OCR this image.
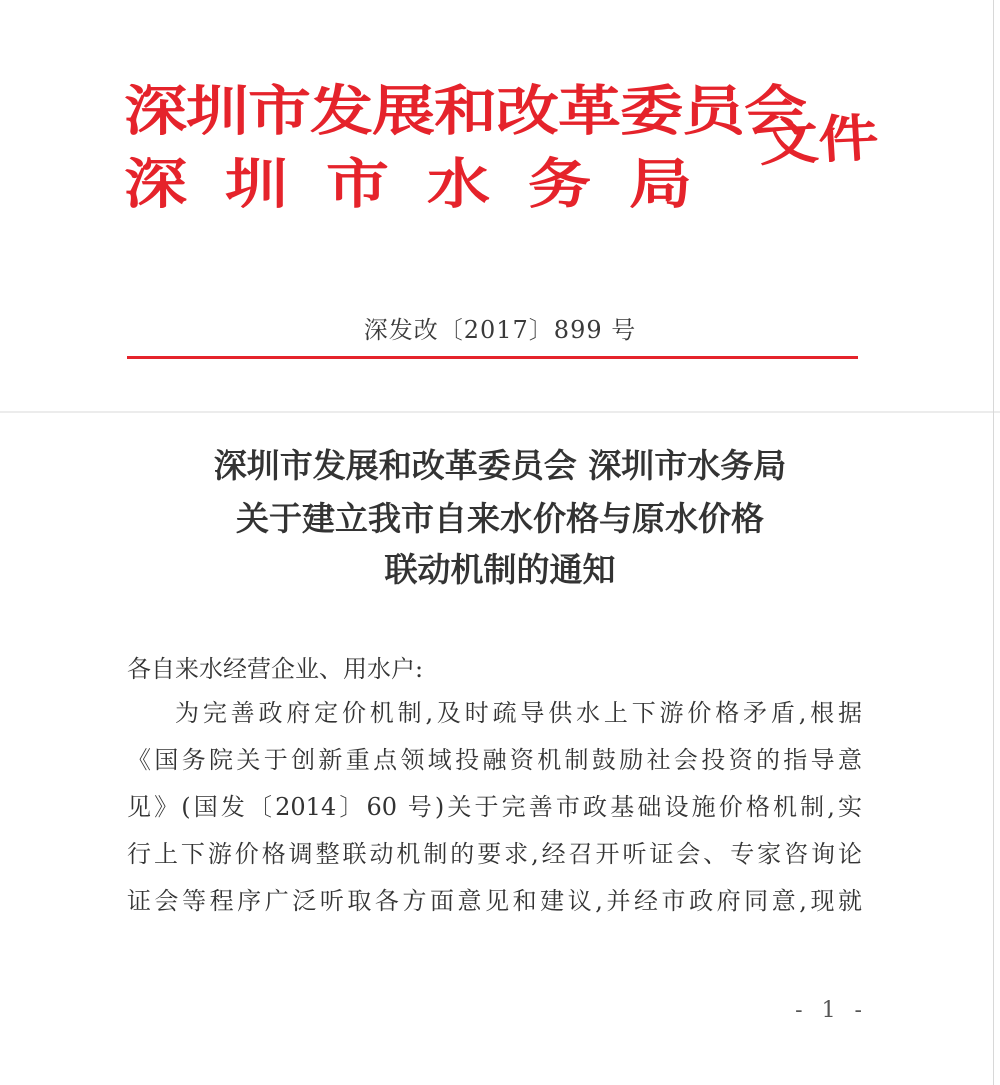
深圳市发展和改革委员会
深圳市水务局
文件
深发改〔2017〕899 号
深圳市发展和改革委员会 深圳市水务局
关于建立我市自来水价格与原水价格
联动机制的通知
各自来水经营企业、用水户:
为完善政府定价机制,及时疏导供水上下游价格矛盾,根据
《国务院关于创新重点领域投融资机制鼓励社会投资的指导意
见》(国发〔2014〕60 号)关于完善市政基础设施价格机制,实
行上下游价格调整联动机制的要求,经召开听证会、专家咨询论
证会等程序广泛听取各方面意见和建议,并经市政府同意,现就
- 1 -
